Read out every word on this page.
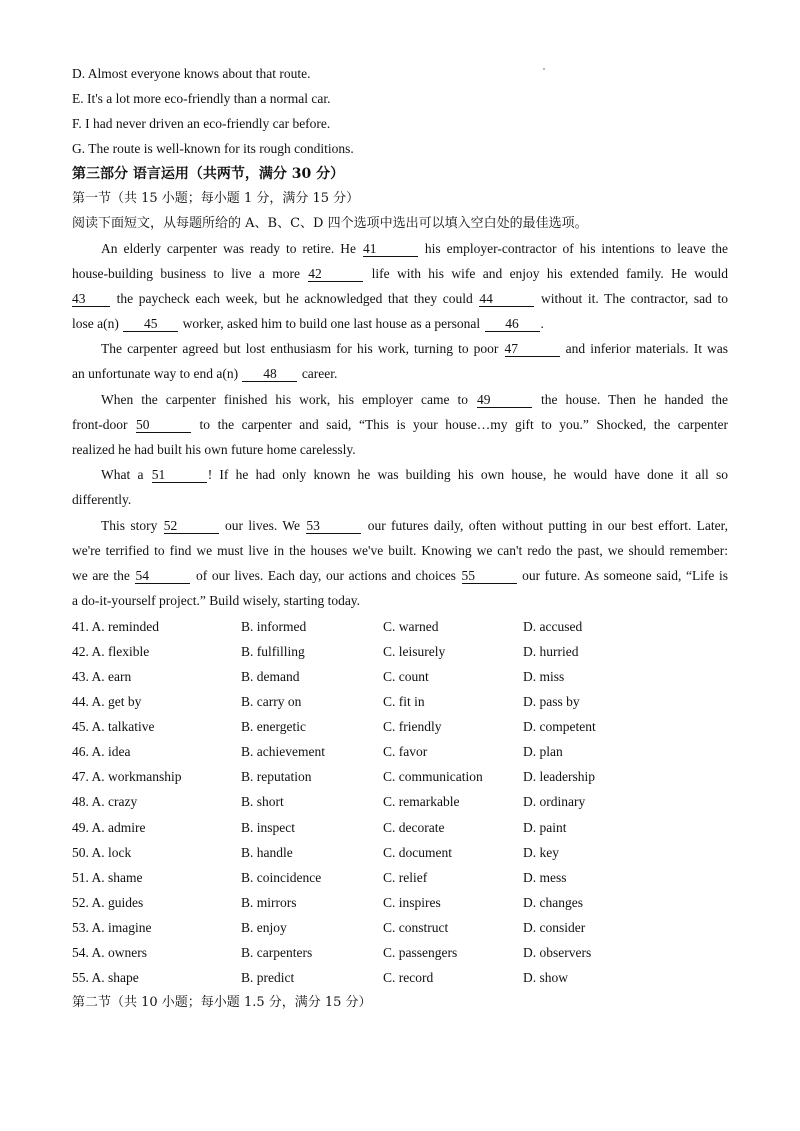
D. Almost everyone knows about that route.
E. It's a lot more eco-friendly than a normal car.
F. I had never driven an eco-friendly car before.
G. The route is well-known for its rough conditions.
第三部分 语言运用（共两节，满分 30 分）
第一节（共 15 小题；每小题 1 分，满分 15 分）
阅读下面短文，从每题所给的 A、B、C、D 四个选项中选出可以填入空白处的最佳选项。
An elderly carpenter was ready to retire. He 41	his employer-contractor of his intentions to leave the
house-building business to live a more 42	life with his wife and enjoy his extended family. He would
43 the paycheck each week, but he acknowledged that they could 44	without it. The contractor, sad to
lose a(n) 45 worker, asked him to build one last house as a personal 46 .
The carpenter agreed but lost enthusiasm for his work, turning to poor 47	and inferior materials. It was
an unfortunate way to end a(n) 48 career.
When the carpenter finished his work, his employer came to 49	the house. Then he handed the
front-door 50	to the carpenter and said, “This is your house…my gift to you.” Shocked, the carpenter
realized he had built his own future home carelessly.
What a 51	! If he had only known he was building his own house, he would have done it all so
differently.
This story 52	our lives. We 53	our futures daily, often without putting in our best effort. Later,
we're terrified to find we must live in the houses we've built. Knowing we can't redo the past, we should remember:
we are the 54	of our lives. Each day, our actions and choices 55	our future. As someone said, “Life is
a do-it-yourself project.” Build wisely, starting today.
41. A. reminded	B. informed	C. warned	D. accused
42. A. flexible	B. fulfilling	C. leisurely	D. hurried
43. A. earn	B. demand	C. count	D. miss
44. A. get by	B. carry on	C. fit in	D. pass by
45. A. talkative	B. energetic	C. friendly	D. competent
46. A. idea	B. achievement	C. favor	D. plan
47. A. workmanship	B. reputation	C. communication	D. leadership
48. A. crazy	B. short	C. remarkable	D. ordinary
49. A. admire	B. inspect	C. decorate	D. paint
50. A. lock	B. handle	C. document	D. key
51. A. shame	B. coincidence	C. relief	D. mess
52. A. guides	B. mirrors	C. inspires	D. changes
53. A. imagine	B. enjoy	C. construct	D. consider
54. A. owners	B. carpenters	C. passengers	D. observers
55. A. shape	B. predict	C. record	D. show
第二节（共 10 小题；每小题 1.5 分，满分 15 分）
